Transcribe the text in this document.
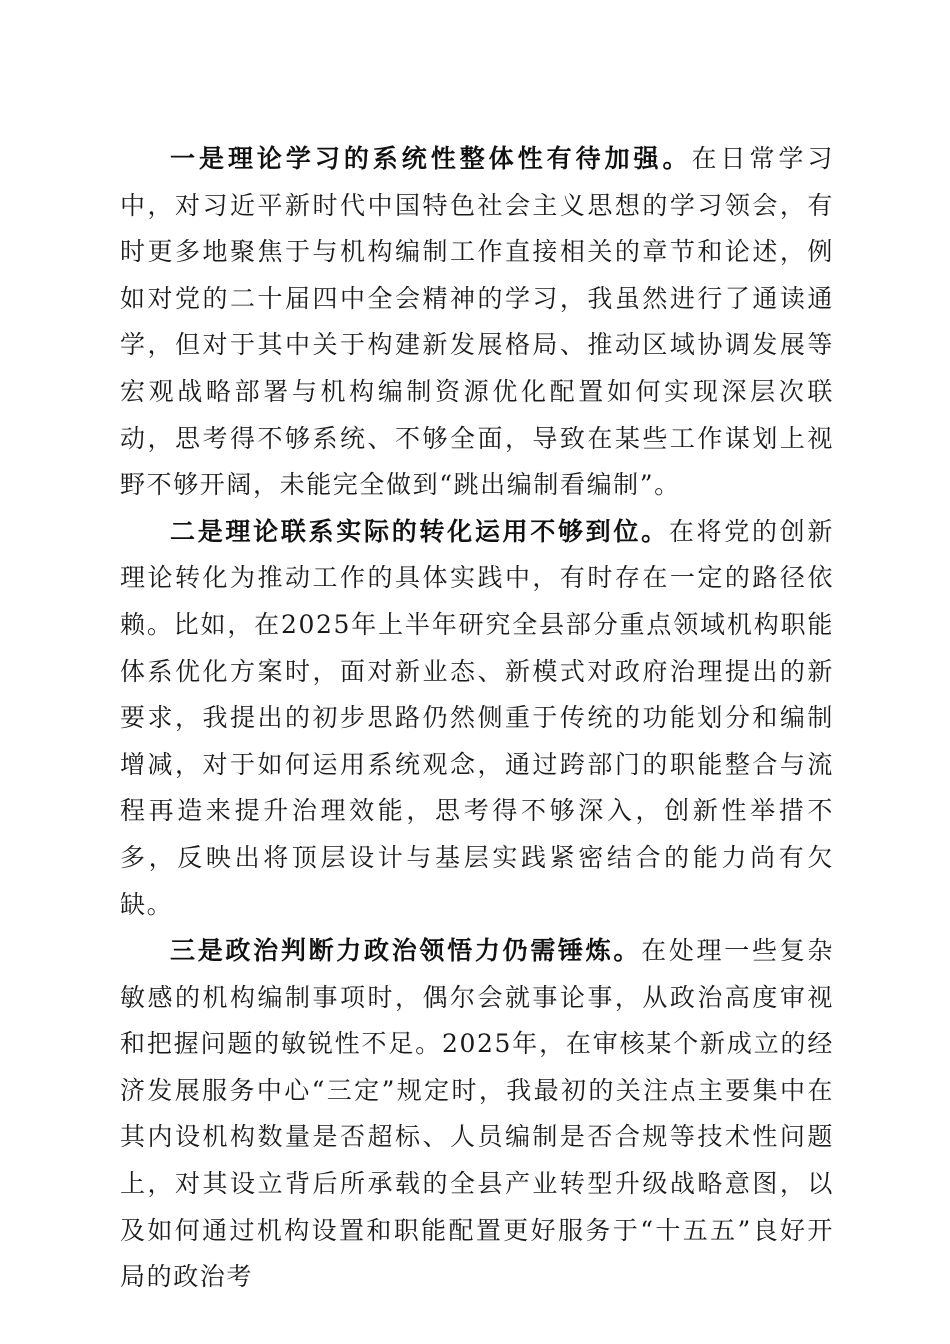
一是理论学习的系统性整体性有待加强。在日常学习中，对习近平新时代中国特色社会主义思想的学习领会，有时更多地聚焦于与机构编制工作直接相关的章节和论述，例如对党的二十届四中全会精神的学习，我虽然进行了通读通学，但对于其中关于构建新发展格局、推动区域协调发展等宏观战略部署与机构编制资源优化配置如何实现深层次联动，思考得不够系统、不够全面，导致在某些工作谋划上视野不够开阔，未能完全做到“跳出编制看编制”。

二是理论联系实际的转化运用不够到位。在将党的创新理论转化为推动工作的具体实践中，有时存在一定的路径依赖。比如，在2025年上半年研究全县部分重点领域机构职能体系优化方案时，面对新业态、新模式对政府治理提出的新要求，我提出的初步思路仍然侧重于传统的功能划分和编制增减，对于如何运用系统观念，通过跨部门的职能整合与流程再造来提升治理效能，思考得不够深入，创新性举措不多，反映出将顶层设计与基层实践紧密结合的能力尚有欠缺。

三是政治判断力政治领悟力仍需锤炼。在处理一些复杂敏感的机构编制事项时，偶尔会就事论事，从政治高度审视和把握问题的敏锐性不足。2025年，在审核某个新成立的经济发展服务中心“三定”规定时，我最初的关注点主要集中在其内设机构数量是否超标、人员编制是否合规等技术性问题上，对其设立背后所承载的全县产业转型升级战略意图，以及如何通过机构设置和职能配置更好服务于“十五五”良好开局的政治考
